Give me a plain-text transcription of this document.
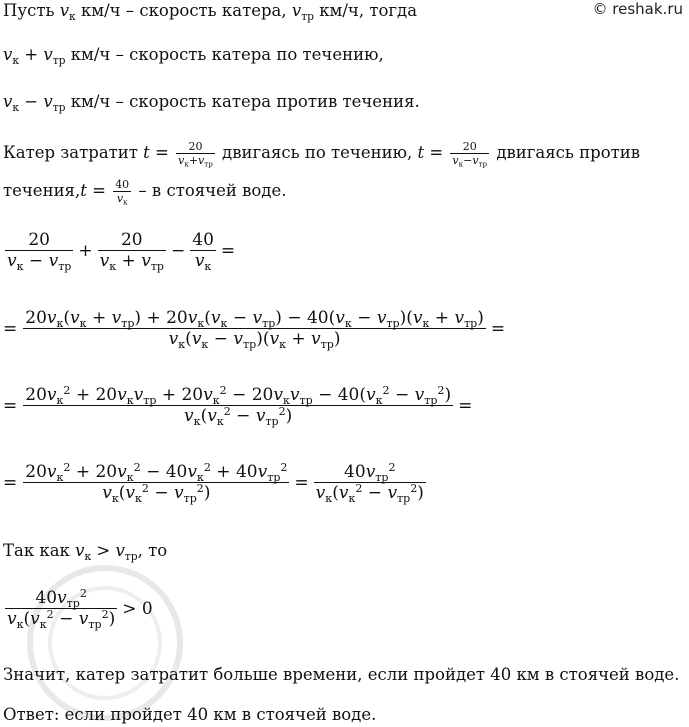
© reshak.ru
Пусть $v_к$ км/ч – скорость катера, $v_{тр}$ км/ч, тогда
$v_к + v_{тр}$ км/ч – скорость катера по течению,
$v_к - v_{тр}$ км/ч – скорость катера против течения.
Катер затратит $t = \frac{20}{v_к+v_{тр}}$ двигаясь по течению, $t = \frac{20}{v_к-v_{тр}}$ двигаясь против
течения,t = $\frac{40}{v_к}$ – в стоячей воде.
$\frac{20}{v_к - v_{тр}} + \frac{20}{v_к + v_{тр}} - \frac{40}{v_к}$ =
= $\frac{20v_к(v_к + v_{тр}) + 20v_к(v_к - v_{тр}) - 40(v_к - v_{тр})(v_к + v_{тр})}{v_к(v_к - v_{тр})(v_к + v_{тр})}$ =
= $\frac{20v_к^2 + 20v_кv_{тр} + 20v_к^2 - 20v_кv_{тр} - 40(v_к^2 - v_{тр}^2)}{v_к(v_к^2 - v_{тр}^2)}$ =
= $\frac{20v_к^2 + 20v_к^2 - 40v_к^2 + 40v_{тр}^2}{v_к(v_к^2 - v_{тр}^2)} = \frac{40v_{тр}^2}{v_к(v_к^2 - v_{тр}^2)}$
Так как $v_к > v_{тр}$, то
$\frac{40v_{тр}^2}{v_к(v_к^2 - v_{тр}^2)} > 0$
Значит, катер затратит больше времени, если пройдет 40 км в стоячей воде.
Ответ: если пройдет 40 км в стоячей воде.
